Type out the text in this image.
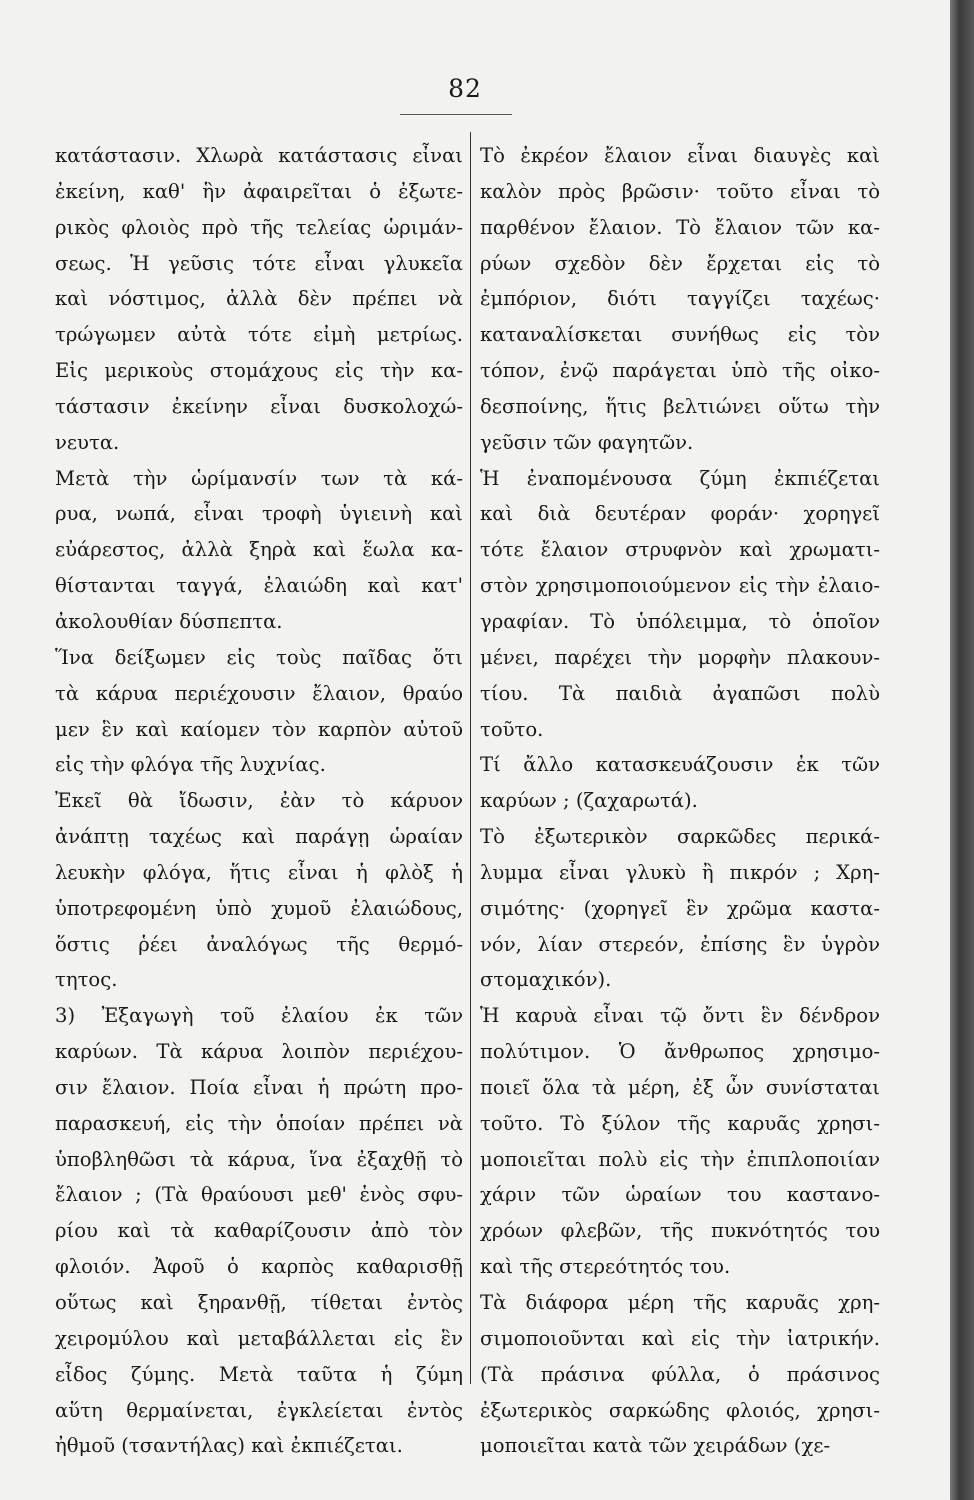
82
κατάστασιν. Χλωρὰ κατάστασις εἶναι
ἐκείνη, καθ' ἣν ἀφαιρεῖται ὁ ἐξωτε-
ρικὸς φλοιὸς πρὸ τῆς τελείας ὡριμάν-
σεως. Ἡ γεῦσις τότε εἶναι γλυκεῖα
καὶ νόστιμος, ἀλλὰ δὲν πρέπει νὰ
τρώγωμεν αὐτὰ τότε εἰμὴ μετρίως.
Εἰς μερικοὺς στομάχους εἰς τὴν κα-
τάστασιν ἐκείνην εἶναι δυσκολοχώ-
νευτα.
Μετὰ τὴν ὡρίμανσίν των τὰ κά-
ρυα, νωπά, εἶναι τροφὴ ὑγιεινὴ καὶ
εὐάρεστος, ἀλλὰ ξηρὰ καὶ ἕωλα κα-
θίστανται ταγγά, ἐλαιώδη καὶ κατ'
ἀκολουθίαν δύσπεπτα.
Ἵνα δείξωμεν εἰς τοὺς παῖδας ὅτι
τὰ κάρυα περιέχουσιν ἔλαιον, θραύο
μεν ἓν καὶ καίομεν τὸν καρπὸν αὐτοῦ
εἰς τὴν φλόγα τῆς λυχνίας.
Ἐκεῖ θὰ ἴδωσιν, ἐὰν τὸ κάρυον
ἀνάπτῃ ταχέως καὶ παράγῃ ὡραίαν
λευκὴν φλόγα, ἥτις εἶναι ἡ φλὸξ ἡ
ὑποτρεφομένη ὑπὸ χυμοῦ ἐλαιώδους,
ὅστις ῥέει ἀναλόγως τῆς θερμό-
τητος.
3) Ἐξαγωγὴ τοῦ ἐλαίου ἐκ τῶν
καρύων. Τὰ κάρυα λοιπὸν περιέχου-
σιν ἔλαιον. Ποία εἶναι ἡ πρώτη προ-
παρασκευή, εἰς τὴν ὁποίαν πρέπει νὰ
ὑποβληθῶσι τὰ κάρυα, ἵνα ἐξαχθῇ τὸ
ἔλαιον ; (Τὰ θραύουσι μεθ' ἑνὸς σφυ-
ρίου καὶ τὰ καθαρίζουσιν ἀπὸ τὸν
φλοιόν. Ἀφοῦ ὁ καρπὸς καθαρισθῇ
οὕτως καὶ ξηρανθῇ, τίθεται ἐντὸς
χειρομύλου καὶ μεταβάλλεται εἰς ἓν
εἶδος ζύμης. Μετὰ ταῦτα ἡ ζύμη
αὕτη θερμαίνεται, ἐγκλείεται ἐντὸς
ἠθμοῦ (τσαντήλας) καὶ ἐκπιέζεται.
Τὸ ἐκρέον ἔλαιον εἶναι διαυγὲς καὶ
καλὸν πρὸς βρῶσιν· τοῦτο εἶναι τὸ
παρθένον ἔλαιον. Τὸ ἔλαιον τῶν κα-
ρύων σχεδὸν δὲν ἔρχεται εἰς τὸ
ἐμπόριον, διότι ταγγίζει ταχέως·
καταναλίσκεται συνήθως εἰς τὸν
τόπον, ἐνῷ παράγεται ὑπὸ τῆς οἰκο-
δεσποίνης, ἥτις βελτιώνει οὕτω τὴν
γεῦσιν τῶν φαγητῶν.
Ἡ ἐναπομένουσα ζύμη ἐκπιέζεται
καὶ διὰ δευτέραν φοράν· χορηγεῖ
τότε ἔλαιον στρυφνὸν καὶ χρωματι-
στὸν χρησιμοποιούμενον εἰς τὴν ἐλαιο-
γραφίαν. Τὸ ὑπόλειμμα, τὸ ὁποῖον
μένει, παρέχει τὴν μορφὴν πλακουν-
τίου. Τὰ παιδιὰ ἀγαπῶσι πολὺ
τοῦτο.
Τί ἄλλο κατασκευάζουσιν ἐκ τῶν
καρύων ; (ζαχαρωτά).
Τὸ ἐξωτερικὸν σαρκῶδες περικά-
λυμμα εἶναι γλυκὺ ἢ πικρόν ; Χρη-
σιμότης· (χορηγεῖ ἓν χρῶμα καστα-
νόν, λίαν στερεόν, ἐπίσης ἓν ὑγρὸν
στομαχικόν).
Ἡ καρυὰ εἶναι τῷ ὄντι ἓν δένδρον
πολύτιμον. Ὁ ἄνθρωπος χρησιμο-
ποιεῖ ὅλα τὰ μέρη, ἐξ ὧν συνίσταται
τοῦτο. Τὸ ξύλον τῆς καρυᾶς χρησι-
μοποιεῖται πολὺ εἰς τὴν ἐπιπλοποιίαν
χάριν τῶν ὡραίων του καστανο-
χρόων φλεβῶν, τῆς πυκνότητός του
καὶ τῆς στερεότητός του.
Τὰ διάφορα μέρη τῆς καρυᾶς χρη-
σιμοποιοῦνται καὶ εἰς τὴν ἰατρικήν.
(Τὰ πράσινα φύλλα, ὁ πράσινος
ἐξωτερικὸς σαρκώδης φλοιός, χρησι-
μοποιεῖται κατὰ τῶν χειράδων (χε-
